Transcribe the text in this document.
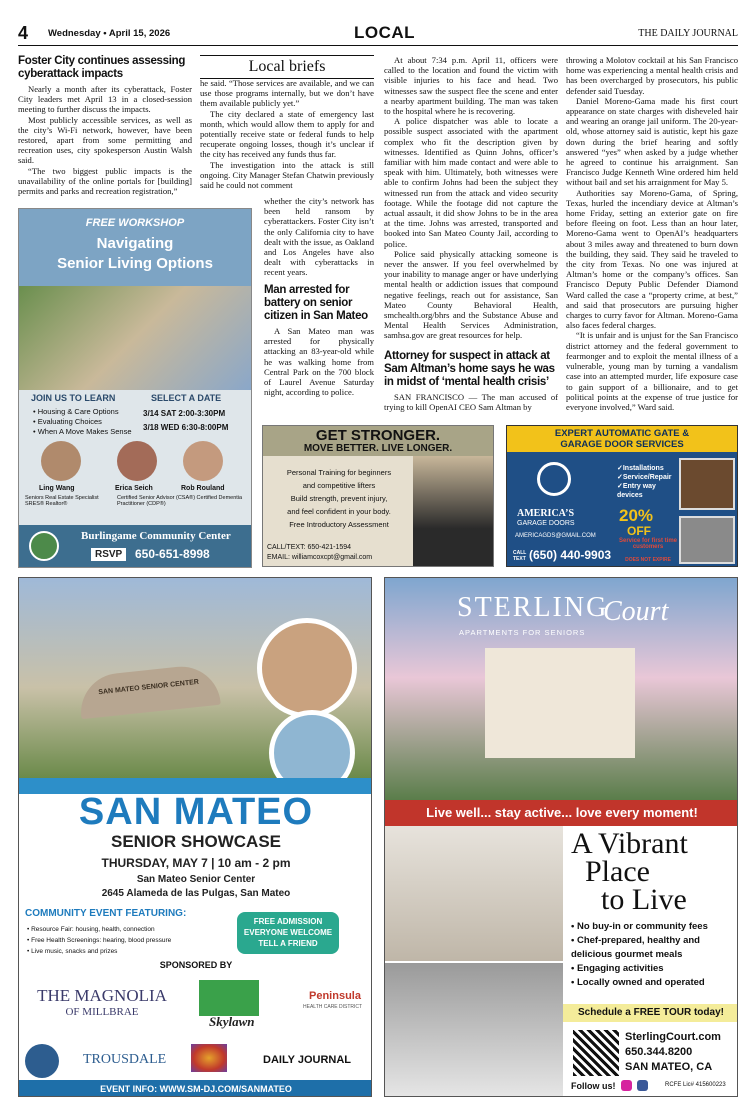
4 Wednesday • April 15, 2026	LOCAL	THE DAILY JOURNAL
Foster City continues assessing cyberattack impacts

Nearly a month after its cyberattack, Foster City leaders met April 13 in a closed-session meeting to further discuss the impacts.

Most publicly accessible services, as well as the city’s Wi-Fi network, however, have been restored, apart from some permitting and recreation uses, city spokesperson Austin Walsh said.

“The two biggest public impacts is the unavailability of the online portals for [building] permits and parks and recreation registration,”

Local briefs

he said. “Those services are available, and we can use those programs internally, but we don’t have them available publicly yet.”

The city declared a state of emergency last month, which would allow them to apply for and potentially receive state or federal funds to help recuperate ongoing losses, though it’s unclear if the city has received any funds thus far.

The investigation into the attack is still ongoing. City Manager Stefan Chatwin previously said he could not comment

whether the city’s network has been held ransom by cyberattackers. Foster City isn’t the only California city to have dealt with the issue, as Oakland and Los Angeles have also dealt with cyberattacks in recent years.

Man arrested for battery on senior citizen in San Mateo

A San Mateo man was arrested for physically attacking an 83-year-old while he was walking home from Central Park on the 700 block of Laurel Avenue Saturday night, according to police.

At about 7:34 p.m. April 11, officers were called to the location and found the victim with visible injuries to his face and head. Two witnesses saw the suspect flee the scene and enter a nearby apartment building. The man was taken to the hospital where he is recovering.

A police dispatcher was able to locate a possible suspect associated with the apartment complex who fit the description given by witnesses. Identified as Quinn Johns, officer’s familiar with him made contact and were able to speak with him. Ultimately, both witnesses were able to confirm Johns had been the subject they witnessed run from the attack and video security footage. While the footage did not capture the actual assault, it did show Johns to be in the area at the time. Johns was arrested, transported and booked into San Mateo County Jail, according to police.

Police said physically attacking someone is never the answer. If you feel overwhelmed by your inability to manage anger or have underlying mental health or addiction issues that compound negative feelings, reach out for assistance, San Mateo County Behavioral Health, smchealth.org/bhrs and the Substance Abuse and Mental Health Services Administration, samhsa.gov are great resources for help.

Attorney for suspect in attack at Sam Altman’s home says he was in midst of ‘mental health crisis’

SAN FRANCISCO — The man accused of trying to kill OpenAI CEO Sam Altman by

throwing a Molotov cocktail at his San Francisco home was experiencing a mental health crisis and has been overcharged by prosecutors, his public defender said Tuesday.

Daniel Moreno-Gama made his first court appearance on state charges with disheveled hair and wearing an orange jail uniform. The 20-year-old, whose attorney said is autistic, kept his gaze down during the brief hearing and softly answered “yes” when asked by a judge whether he agreed to continue his arraignment. San Francisco Judge Kenneth Wine ordered him held without bail and set his arraignment for May 5.

Authorities say Moreno-Gama, of Spring, Texas, hurled the incendiary device at Altman’s home Friday, setting an exterior gate on fire before fleeing on foot. Less than an hour later, Moreno-Gama went to OpenAI’s headquarters about 3 miles away and threatened to burn down the building, they said. They said he traveled to the city from Texas. No one was injured at Altman’s home or the company’s offices. San Francisco Deputy Public Defender Diamond Ward called the case a “property crime, at best,” and said that prosecutors are pursuing higher charges to curry favor for Altman. Moreno-Gama also faces federal charges.

“It is unfair and is unjust for the San Francisco district attorney and the federal government to fearmonger and to exploit the mental illness of a vulnerable, young man by turning a vandalism case into an attempted murder, life exposure case to gain support of a billionaire, and to get political points at the expense of true justice for everyone involved,” Ward said.

FREE WORKSHOP
Navigating
Senior Living Options
JOIN US TO LEARN
• Housing & Care Options
• Evaluating Choices
• When A Move Makes Sense
SELECT A DATE
3/14 SAT 2:00-3:30PM
3/18 WED 6:30-8:00PM
Ling Wang	Erica Seich	Rob Rouland
Seniors Real Estate Specialist SRES® Realtor®
Certified Senior Advisor (CSA®) Certified Dementia Practitioner (CDP®)
Burlingame Community Center
RSVP	650-651-8998
GET STRONGER.
MOVE BETTER. LIVE LONGER.
Personal Training for beginners
and competitive lifters
Build strength, prevent injury,
and feel confident in your body.
Free Introductory Assessment
CALL/TEXT: 650-421-1594
EMAIL: williamcoxcpt@gmail.com
EXPERT AUTOMATIC GATE &
GARAGE DOOR SERVICES
AMERICA’S
GARAGE DOORS
✓Installations
✓Service/Repair
✓Entry way devices
20%
OFF
Service for first time customers
DOES NOT EXPIRE
AMERICAGDS@GMAIL.COM
CALL TEXT (650) 440-9903
SAN MATEO SENIOR CENTER
SAN MATEO
SENIOR SHOWCASE
THURSDAY, MAY 7 | 10 am - 2 pm
San Mateo Senior Center
2645 Alameda de las Pulgas, San Mateo
COMMUNITY EVENT FEATURING:
• Resource Fair: housing, health, connection
• Free Health Screenings: hearing, blood pressure
• Live music, snacks and prizes
FREE ADMISSION EVERYONE WELCOME TELL A FRIEND
SPONSORED BY
THE MAGNOLIA
OF MILLBRAE
Skylawn
Peninsula
HEALTH CARE DISTRICT
TROUSDALE	DAILY JOURNAL
EVENT INFO: WWW.SM-DJ.COM/SANMATEO
STERLING
Court
APARTMENTS FOR SENIORS
Live well... stay active... love every moment!
A Vibrant
Place
to Live
• No buy-in or community fees
• Chef-prepared, healthy and delicious gourmet meals
• Engaging activities
• Locally owned and operated
Schedule a FREE TOUR today!
SterlingCourt.com
650.344.8200
SAN MATEO, CA
Follow us!	RCFE Lic# 415600223
